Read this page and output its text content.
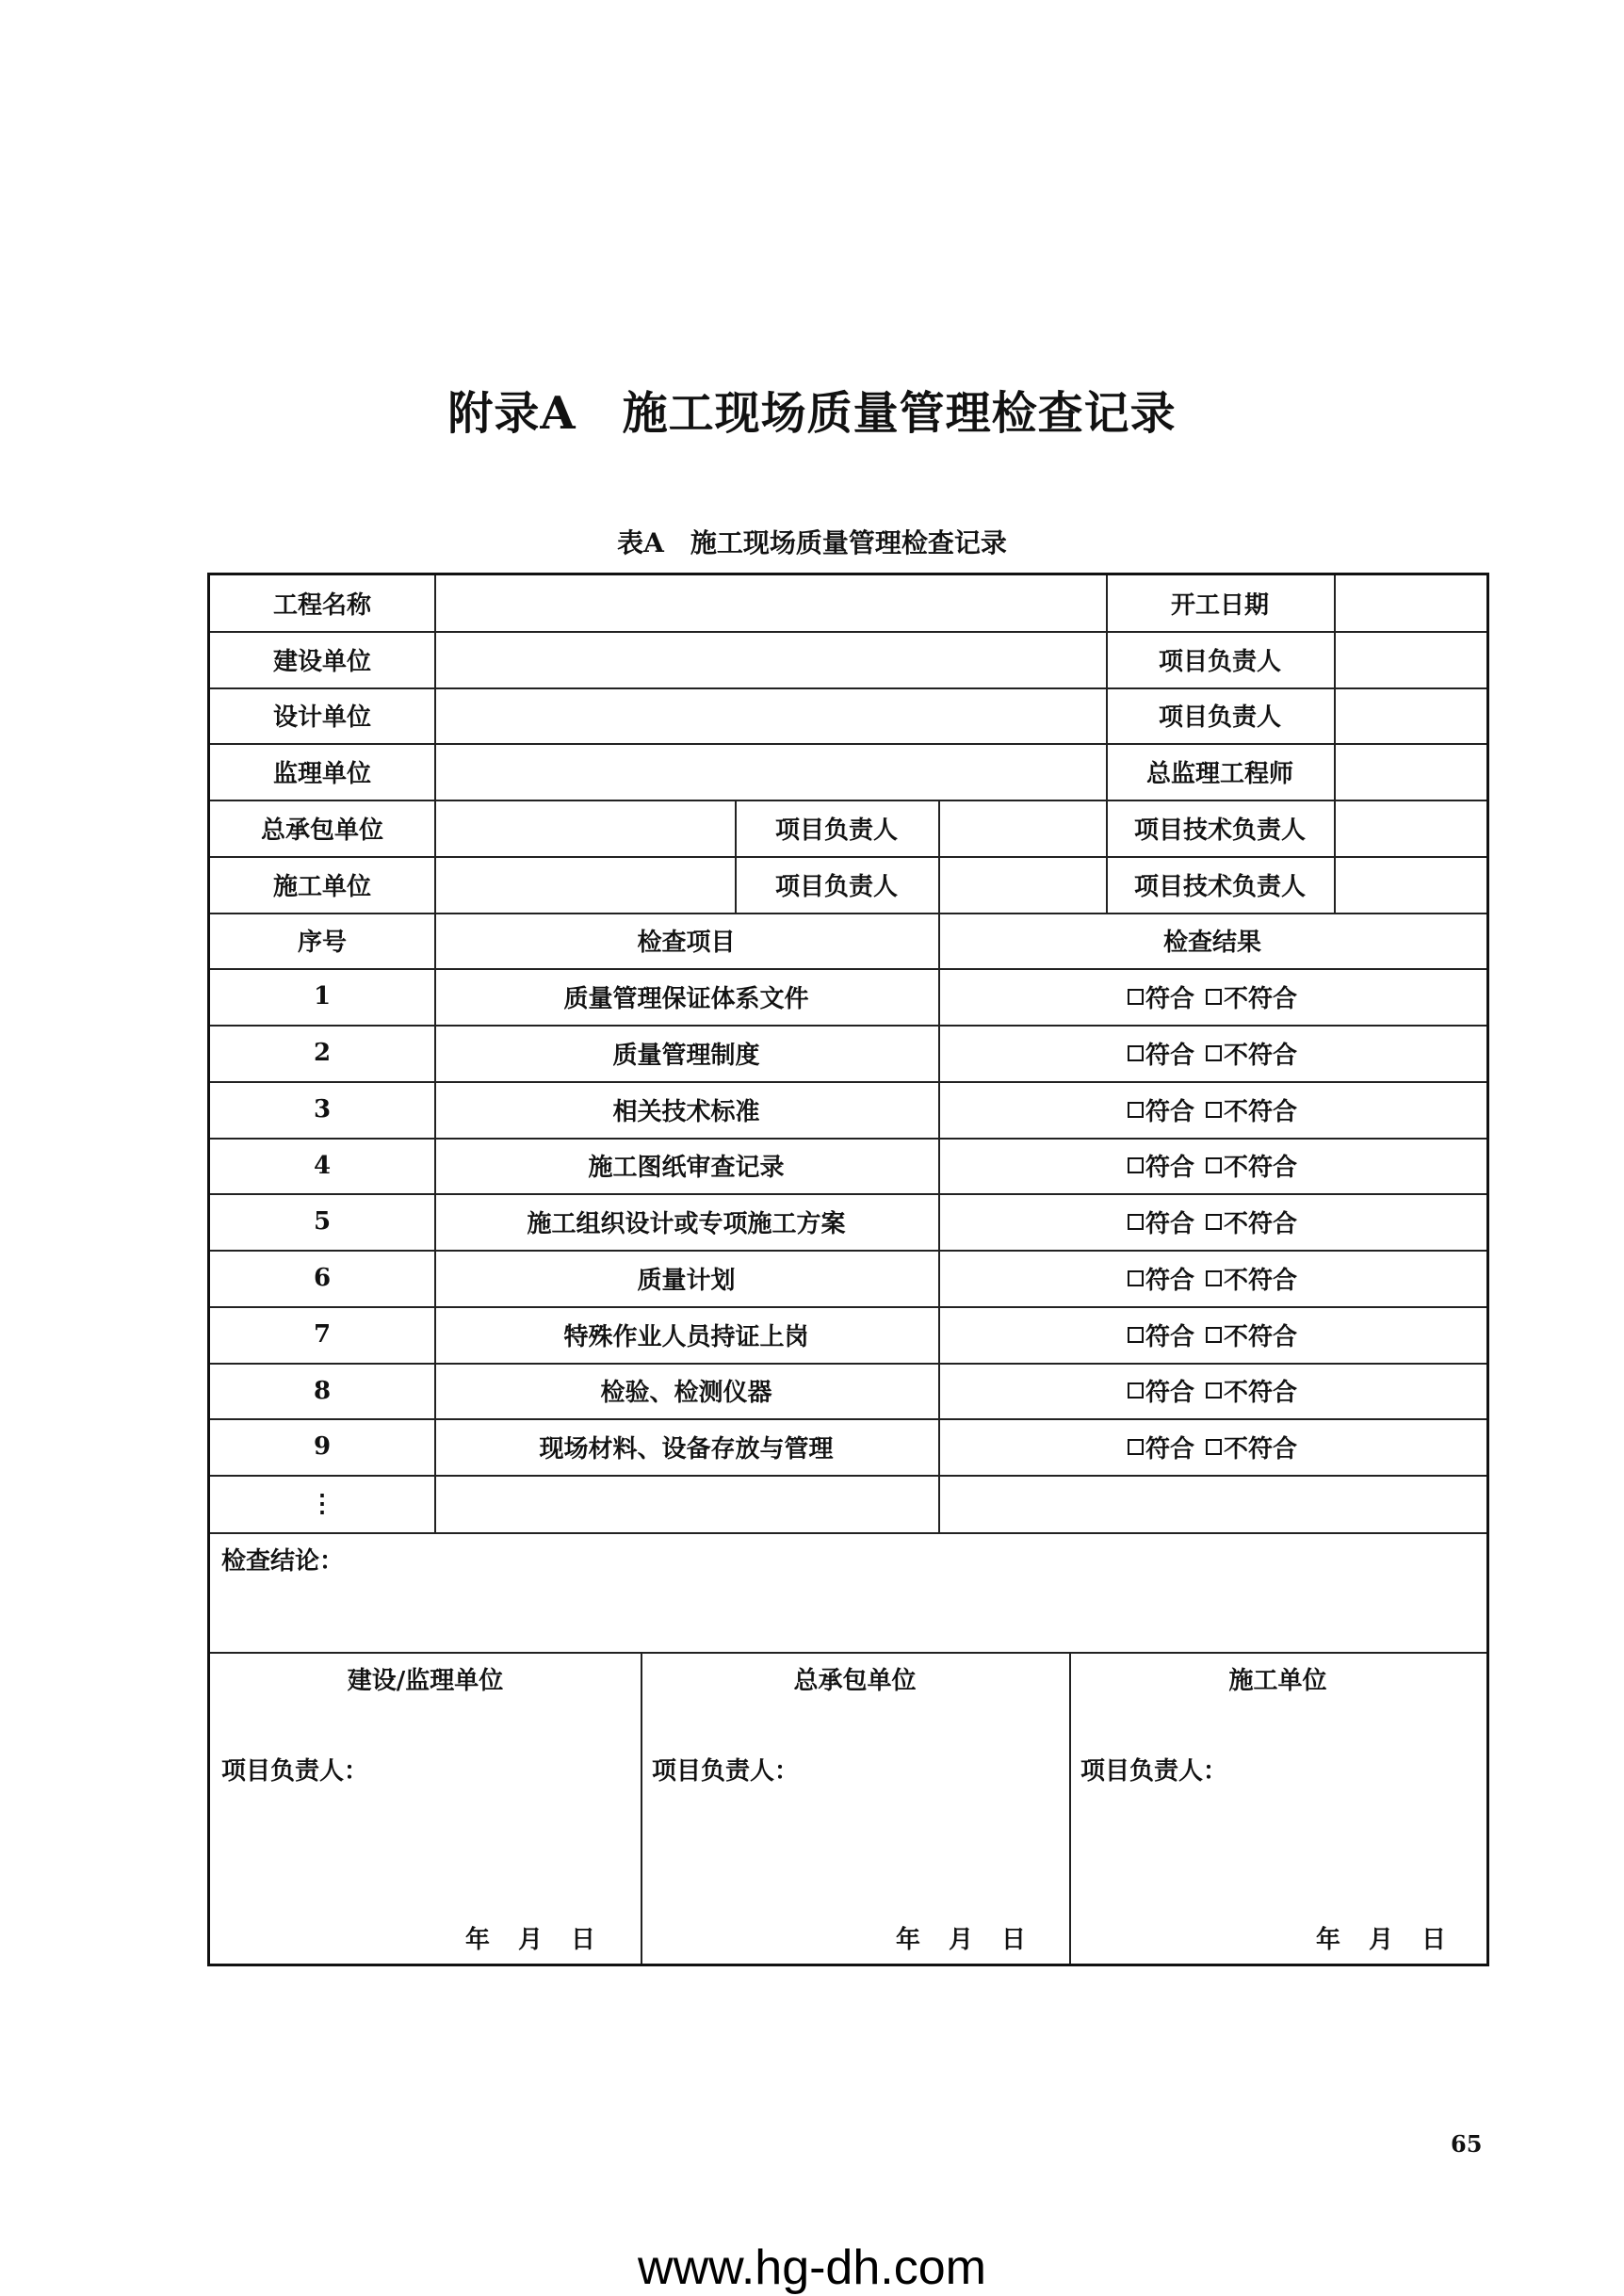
附录A　施工现场质量管理检查记录
表A　施工现场质量管理检查记录
工程名称	开工日期
建设单位	项目负责人
设计单位	项目负责人
监理单位	总监理工程师
总承包单位	项目负责人	项目技术负责人
施工单位	项目负责人	项目技术负责人
序号	检查项目	检查结果
1	质量管理保证体系文件	符合 不符合
2	质量管理制度	符合 不符合
3	相关技术标准	符合 不符合
4	施工图纸审查记录	符合 不符合
5	施工组织设计或专项施工方案	符合 不符合
6	质量计划	符合 不符合
7	特殊作业人员持证上岗	符合 不符合
8	检验、检测仪器	符合 不符合
9	现场材料、设备存放与管理	符合 不符合
⋮
检查结论：
建设/监理单位	总承包单位	施工单位
项目负责人：	项目负责人：	项目负责人：
年 月 日	年 月 日	年 月 日
65
www.hg-dh.com
